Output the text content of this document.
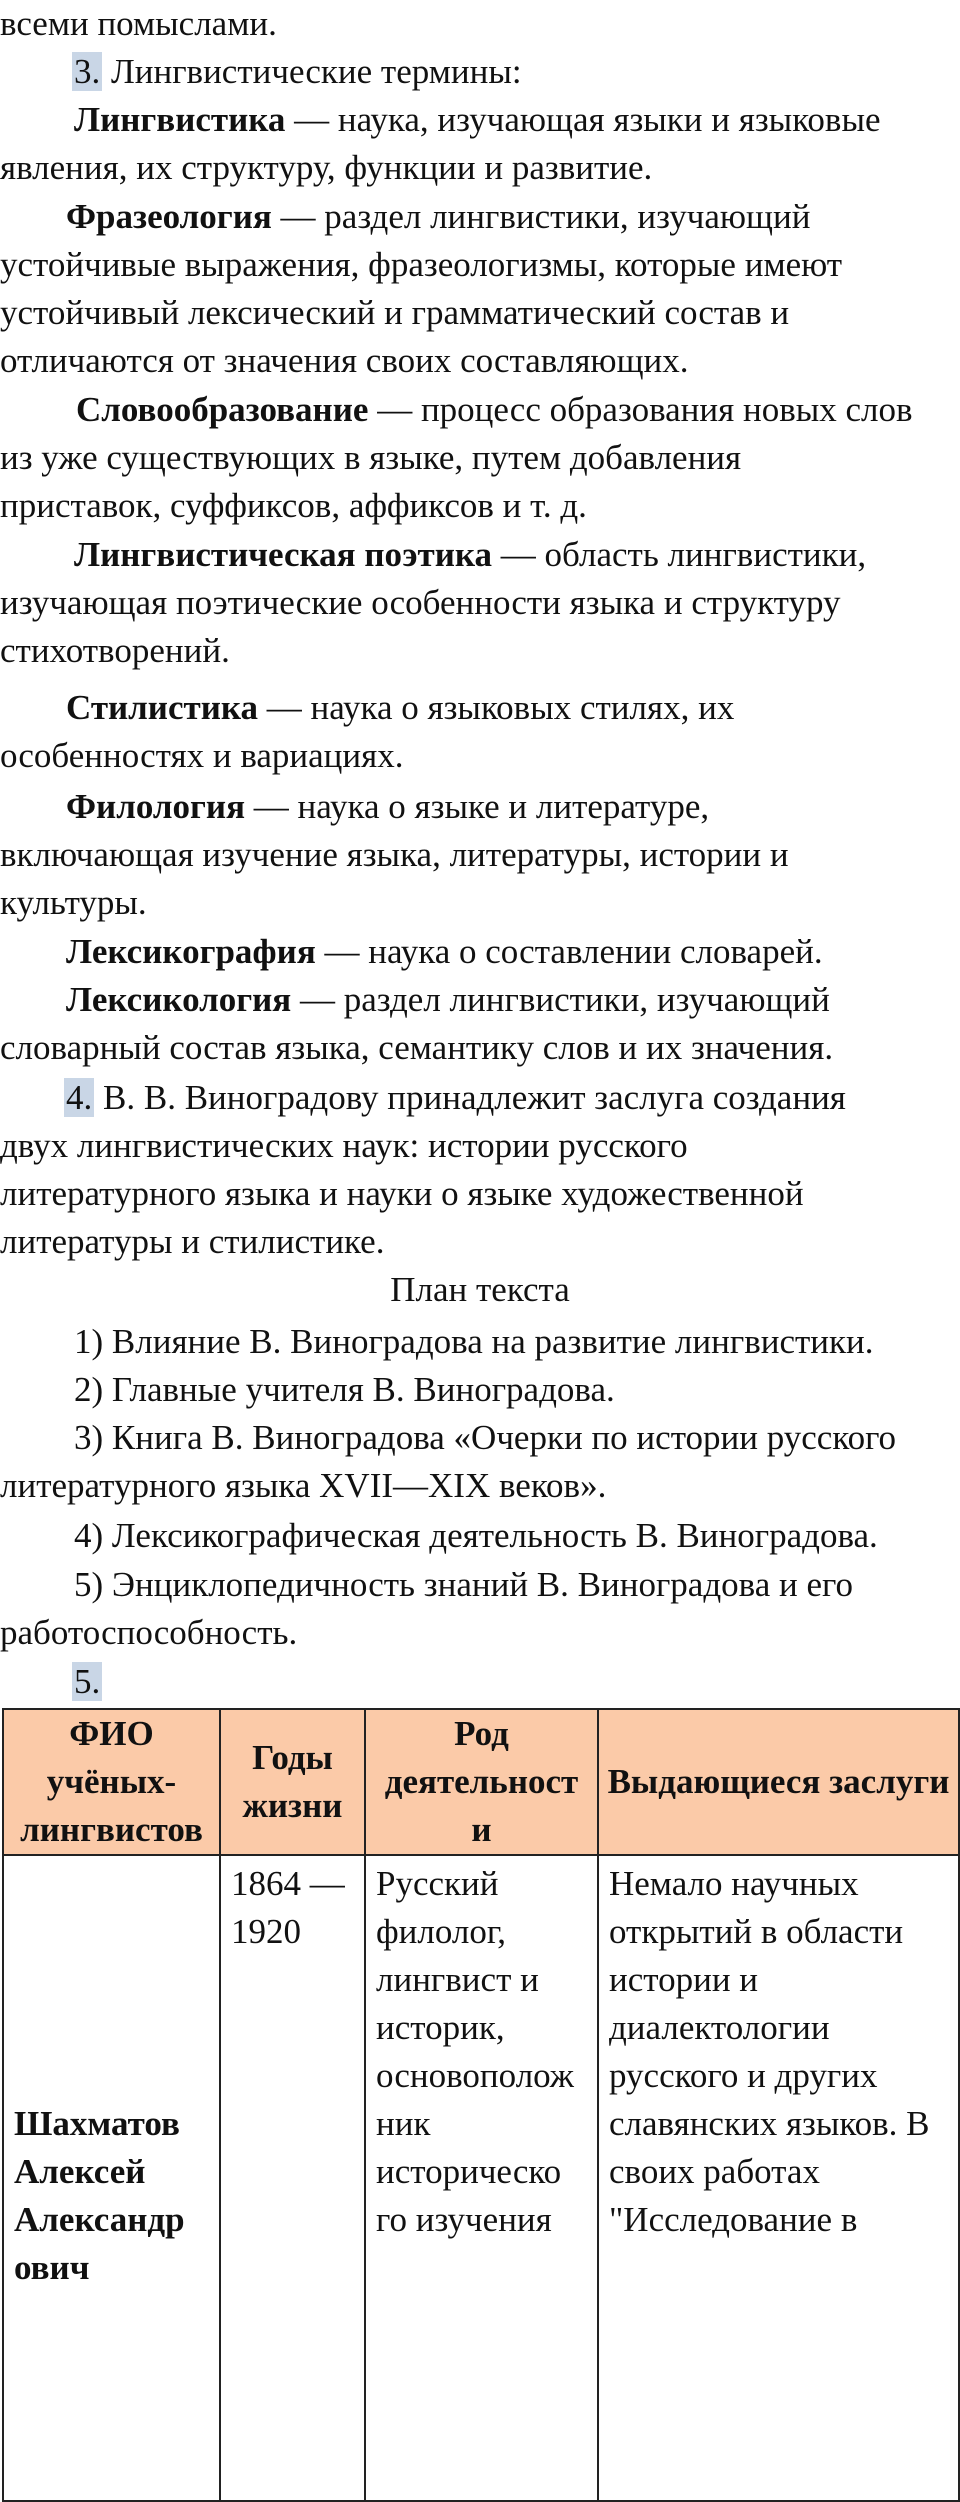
всеми помыслами.

3. Лингвистические термины:

Лингвистика — наука, изучающая языки и языковые

явления, их структуру, функции и развитие.

Фразеология — раздел лингвистики, изучающий

устойчивые выражения, фразеологизмы, которые имеют

устойчивый лексический и грамматический состав и

отличаются от значения своих составляющих.

Словообразование — процесс образования новых слов

из уже существующих в языке, путем добавления

приставок, суффиксов, аффиксов и т. д.

Лингвистическая поэтика — область лингвистики,

изучающая поэтические особенности языка и структуру

стихотворений.

Стилистика — наука о языковых стилях, их

особенностях и вариациях.

Филология — наука о языке и литературе,

включающая изучение языка, литературы, истории и

культуры.

Лексикография — наука о составлении словарей.

Лексикология — раздел лингвистики, изучающий

словарный состав языка, семантику слов и их значения.

4. В. В. Виноградову принадлежит заслуга создания

двух лингвистических наук: истории русского

литературного языка и науки о языке художественной

литературы и стилистике.

План текста

1) Влияние В. Виноградова на развитие лингвистики.

2) Главные учителя В. Виноградова.

3) Книга В. Виноградова «Очерки по истории русского

литературного языка XVII—XIX веков».

4) Лексикографическая деятельность В. Виноградова.

5) Энциклопедичность знаний В. Виноградова и его

работоспособность.

5.

ФИО учёных-лингвистов	Годы жизни	Род деятельност и	Выдающиеся заслуги
Шахматов Алексей Александр ович	1864 — 1920	Русский филолог, лингвист и историк, основополож ник историческо го изучения	Немало научных открытий в области истории и диалектологии русского и других славянских языков. В своих работах "Исследование в
